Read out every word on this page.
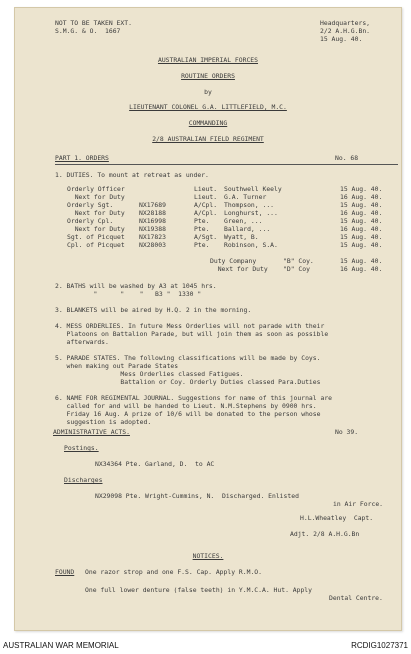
NOT TO BE TAKEN EXT.
S.M.G. & O.  1667
Headquarters,
2/2 A.H.G.Bn.
15 Aug. 40.
AUSTRALIAN IMPERIAL FORCES
ROUTINE ORDERS
by
LIEUTENANT COLONEL G.A. LITTLEFIELD, M.C.
COMMANDING
2/8 AUSTRALIAN FIELD REGIMENT
PART 1. ORDERS	No. 68
1. DUTIES. To mount at retreat as under.
Orderly Officer	Lieut. Southwell Keely	15 Aug. 40.
Next for Duty	Lieut. G.A. Turner	16 Aug. 40.
Orderly Sgt.	NX17689	A/Cpl. Thompson, ...	15 Aug. 40.
Next for Duty NX28188	A/Cpl. Longhurst, ...	16 Aug. 40.
Orderly Cpl.	NX16998	Pte. Green, ...	15 Aug. 40.
Next for Duty NX19388	Pte. Ballard, ...	16 Aug. 40.
Sgt. of Picquet NX17823	A/Sgt. Wyatt, B.	15 Aug. 40.
Cpl. of Picquet NX28003	Pte. Robinson, S.A.	15 Aug. 40.
Duty Company	"B" Coy.	15 Aug. 40.
Next for Duty "D" Coy	16 Aug. 40.
2. BATHS will be washed by A3 at 1045 hrs.
"      "    "   B3 "  1330 "
3. BLANKETS will be aired by H.Q. 2 in the morning.
4. MESS ORDERLIES. In future Mess Orderlies will not parade with their
Platoons on Battalion Parade, but will join them as soon as possible
afterwards.
5. PARADE STATES. The following classifications will be made by Coys.
when making out Parade States
Mess Orderlies classed Fatigues.
Battalion or Coy. Orderly Duties classed Para.Duties
6. NAME FOR REGIMENTAL JOURNAL. Suggestions for name of this journal are
called for and will be handed to Lieut. N.M.Stephens by 0900 hrs.
Friday 16 Aug. A prize of 10/6 will be donated to the person whose
suggestion is adopted.
ADMINISTRATIVE ACTS.	No 39.
Postings.
NX34364 Pte. Garland, D.  to AC
Discharges
NX29098 Pte. Wright-Cummins, N.  Discharged. Enlisted
in Air Force.
H.L.Wheatley  Capt.
Adjt. 2/8 A.H.G.Bn
NOTICES.
FOUND One razor strop and one F.S. Cap. Apply R.M.O.
One full lower denture (false teeth) in Y.M.C.A. Hut. Apply
Dental Centre.
AUSTRALIAN WAR MEMORIAL	RCDIG1027371
